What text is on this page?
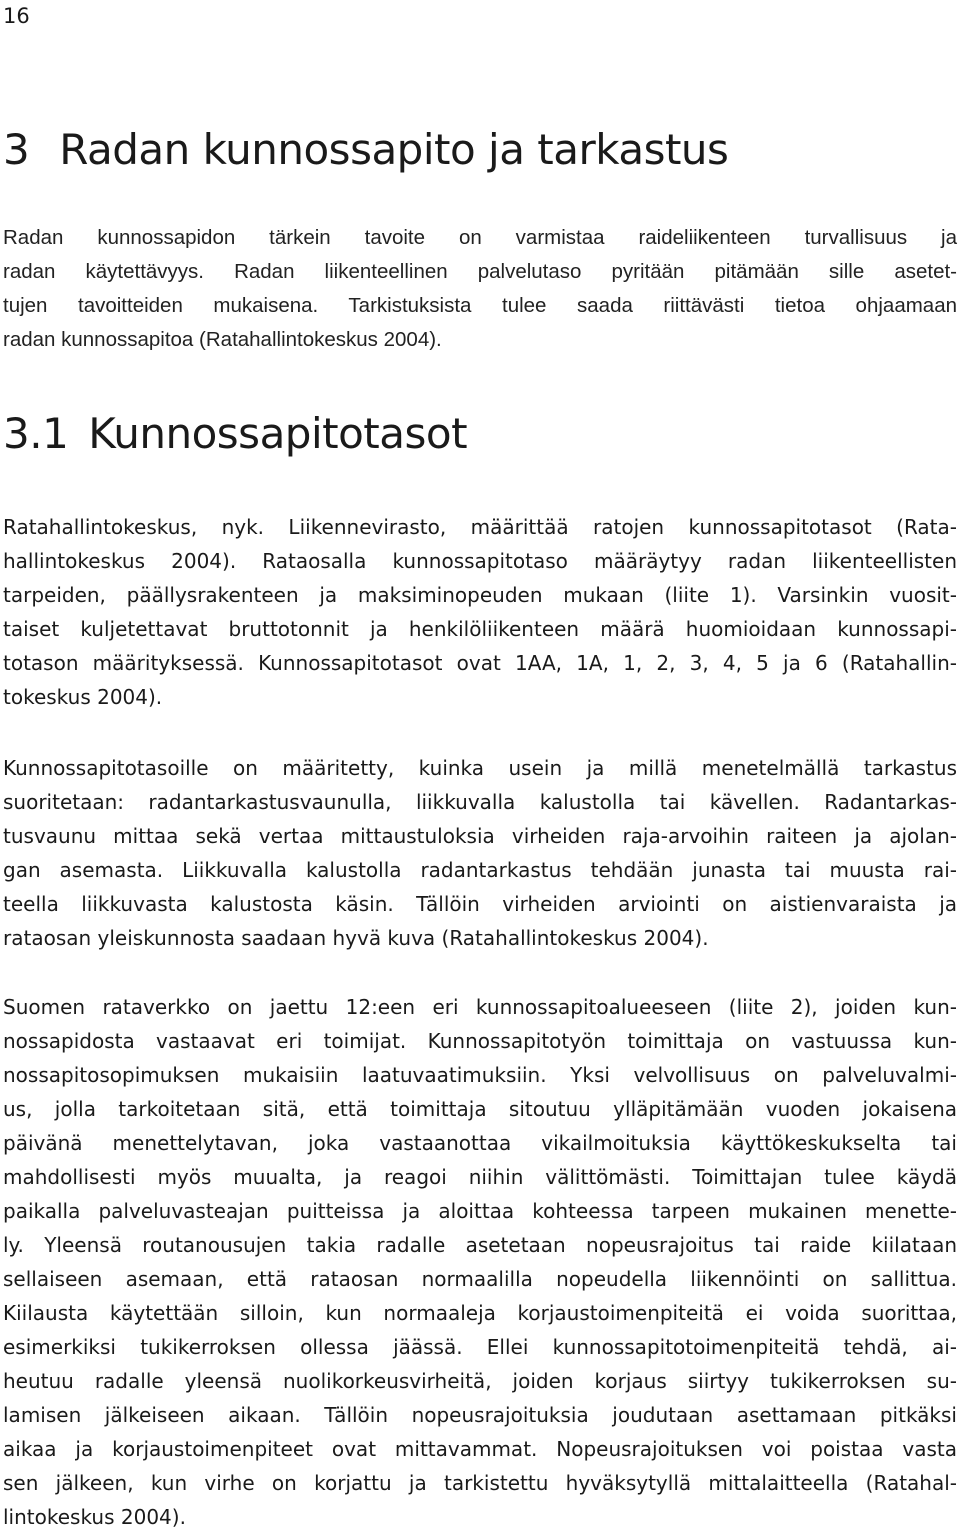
16
3 Radan kunnossapito ja tarkastus
Radan kunnossapidon tärkein tavoite on varmistaa raideliikenteen turvallisuus ja
radan käytettävyys. Radan liikenteellinen palvelutaso pyritään pitämään sille asetet-
tujen tavoitteiden mukaisena. Tarkistuksista tulee saada riittävästi tietoa ohjaamaan
radan kunnossapitoa (Ratahallintokeskus 2004).
3.1 Kunnossapitotasot
Ratahallintokeskus, nyk. Liikennevirasto, määrittää ratojen kunnossapitotasot (Rata-
hallintokeskus 2004). Rataosalla kunnossapitotaso määräytyy radan liikenteellisten
tarpeiden, päällysrakenteen ja maksiminopeuden mukaan (liite 1). Varsinkin vuosit-
taiset kuljetettavat bruttotonnit ja henkilöliikenteen määrä huomioidaan kunnossapi-
totason määrityksessä. Kunnossapitotasot ovat 1AA, 1A, 1, 2, 3, 4, 5 ja 6 (Ratahallin-
tokeskus 2004).
Kunnossapitotasoille on määritetty, kuinka usein ja millä menetelmällä tarkastus
suoritetaan: radantarkastusvaunulla, liikkuvalla kalustolla tai kävellen. Radantarkas-
tusvaunu mittaa sekä vertaa mittaustuloksia virheiden raja-arvoihin raiteen ja ajolan-
gan asemasta. Liikkuvalla kalustolla radantarkastus tehdään junasta tai muusta rai-
teella liikkuvasta kalustosta käsin. Tällöin virheiden arviointi on aistienvaraista ja
rataosan yleiskunnosta saadaan hyvä kuva (Ratahallintokeskus 2004).
Suomen rataverkko on jaettu 12:een eri kunnossapitoalueeseen (liite 2), joiden kun-
nossapidosta vastaavat eri toimijat. Kunnossapitotyön toimittaja on vastuussa kun-
nossapitosopimuksen mukaisiin laatuvaatimuksiin. Yksi velvollisuus on palveluvalmi-
us, jolla tarkoitetaan sitä, että toimittaja sitoutuu ylläpitämään vuoden jokaisena
päivänä menettelytavan, joka vastaanottaa vikailmoituksia käyttökeskukselta tai
mahdollisesti myös muualta, ja reagoi niihin välittömästi. Toimittajan tulee käydä
paikalla palveluvasteajan puitteissa ja aloittaa kohteessa tarpeen mukainen menette-
ly. Yleensä routanousujen takia radalle asetetaan nopeusrajoitus tai raide kiilataan
sellaiseen asemaan, että rataosan normaalilla nopeudella liikennöinti on sallittua.
Kiilausta käytettään silloin, kun normaaleja korjaustoimenpiteitä ei voida suorittaa,
esimerkiksi tukikerroksen ollessa jäässä. Ellei kunnossapitotoimenpiteitä tehdä, ai-
heutuu radalle yleensä nuolikorkeusvirheitä, joiden korjaus siirtyy tukikerroksen su-
lamisen jälkeiseen aikaan. Tällöin nopeusrajoituksia joudutaan asettamaan pitkäksi
aikaa ja korjaustoimenpiteet ovat mittavammat. Nopeusrajoituksen voi poistaa vasta
sen jälkeen, kun virhe on korjattu ja tarkistettu hyväksytyllä mittalaitteella (Ratahal-
lintokeskus 2004).
